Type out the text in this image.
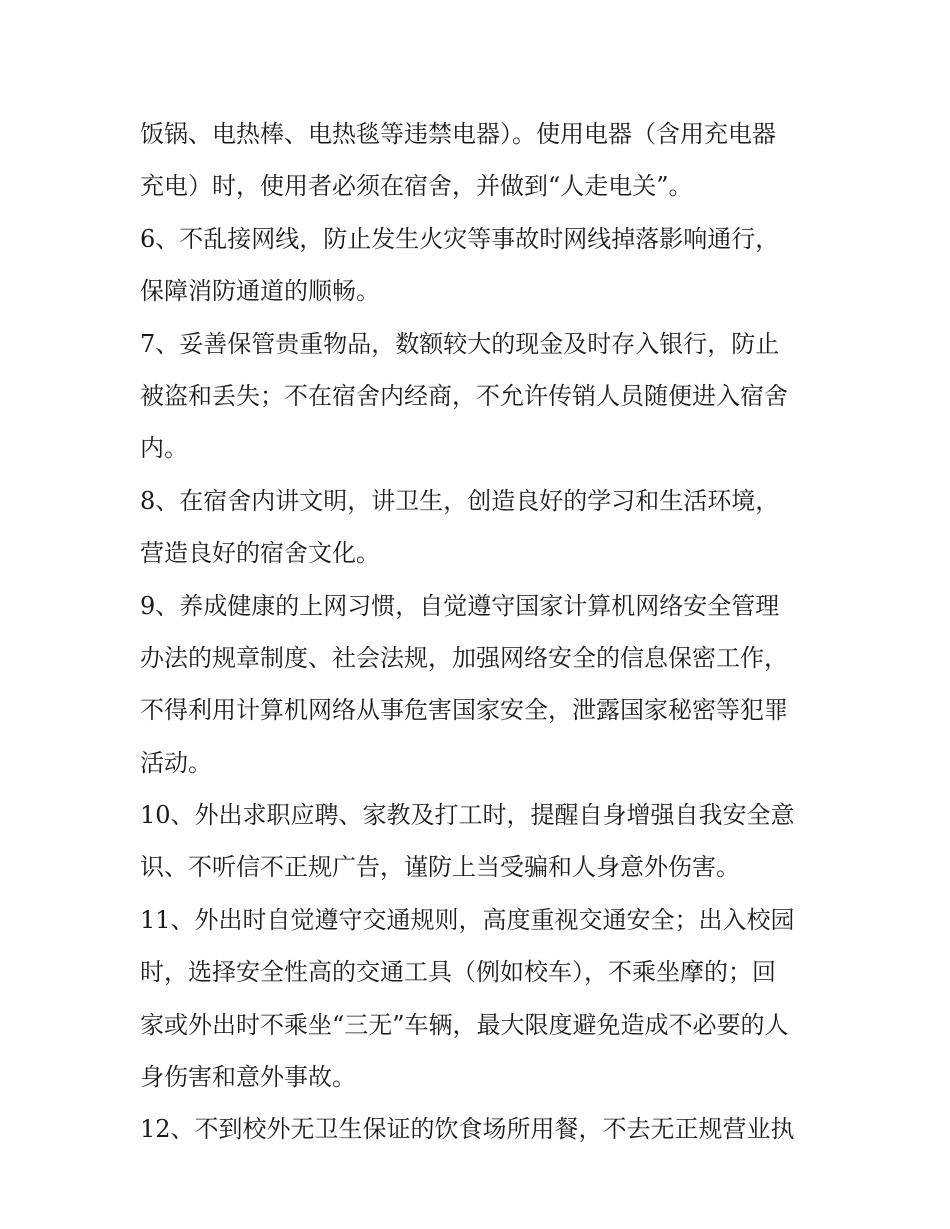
饭锅、电热棒、电热毯等违禁电器）。使用电器（含用充电器
充电）时，使用者必须在宿舍，并做到“人走电关”。
6、不乱接网线，防止发生火灾等事故时网线掉落影响通行，
保障消防通道的顺畅。
7、妥善保管贵重物品，数额较大的现金及时存入银行，防止
被盗和丢失；不在宿舍内经商，不允许传销人员随便进入宿舍
内。
8、在宿舍内讲文明，讲卫生，创造良好的学习和生活环境，
营造良好的宿舍文化。
9、养成健康的上网习惯，自觉遵守国家计算机网络安全管理
办法的规章制度、社会法规，加强网络安全的信息保密工作，
不得利用计算机网络从事危害国家安全，泄露国家秘密等犯罪
活动。
10、外出求职应聘、家教及打工时，提醒自身增强自我安全意
识、不听信不正规广告，谨防上当受骗和人身意外伤害。
11、外出时自觉遵守交通规则，高度重视交通安全；出入校园
时，选择安全性高的交通工具（例如校车），不乘坐摩的；回
家或外出时不乘坐“三无”车辆，最大限度避免造成不必要的人
身伤害和意外事故。
12、不到校外无卫生保证的饮食场所用餐，不去无正规营业执
